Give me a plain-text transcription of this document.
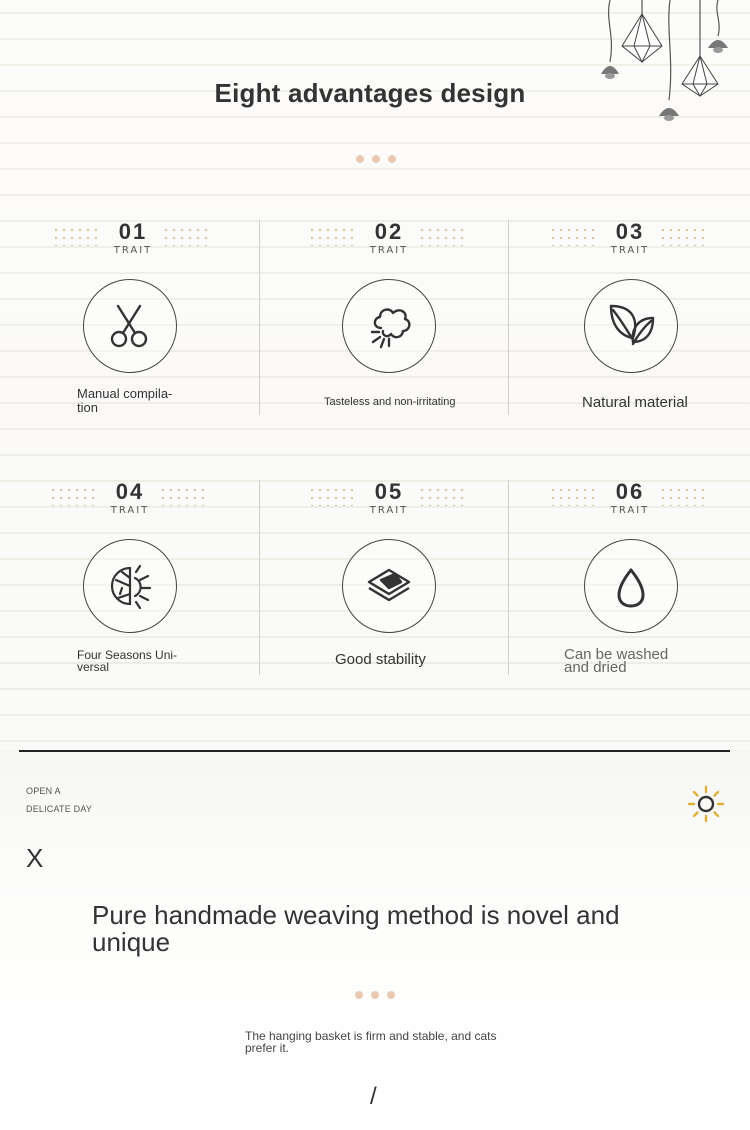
Eight advantages design
01
TRAIT
Manual compila-
tion
02
TRAIT
Tasteless and non-irritating
03
TRAIT
Natural material
04
TRAIT
Four Seasons Uni-
versal
05
TRAIT
Good stability
06
TRAIT
Can be washed
and dried
OPEN A
DELICATE DAY
X
Pure handmade weaving method is novel and unique
The hanging basket is firm and stable, and cats prefer it.
/
